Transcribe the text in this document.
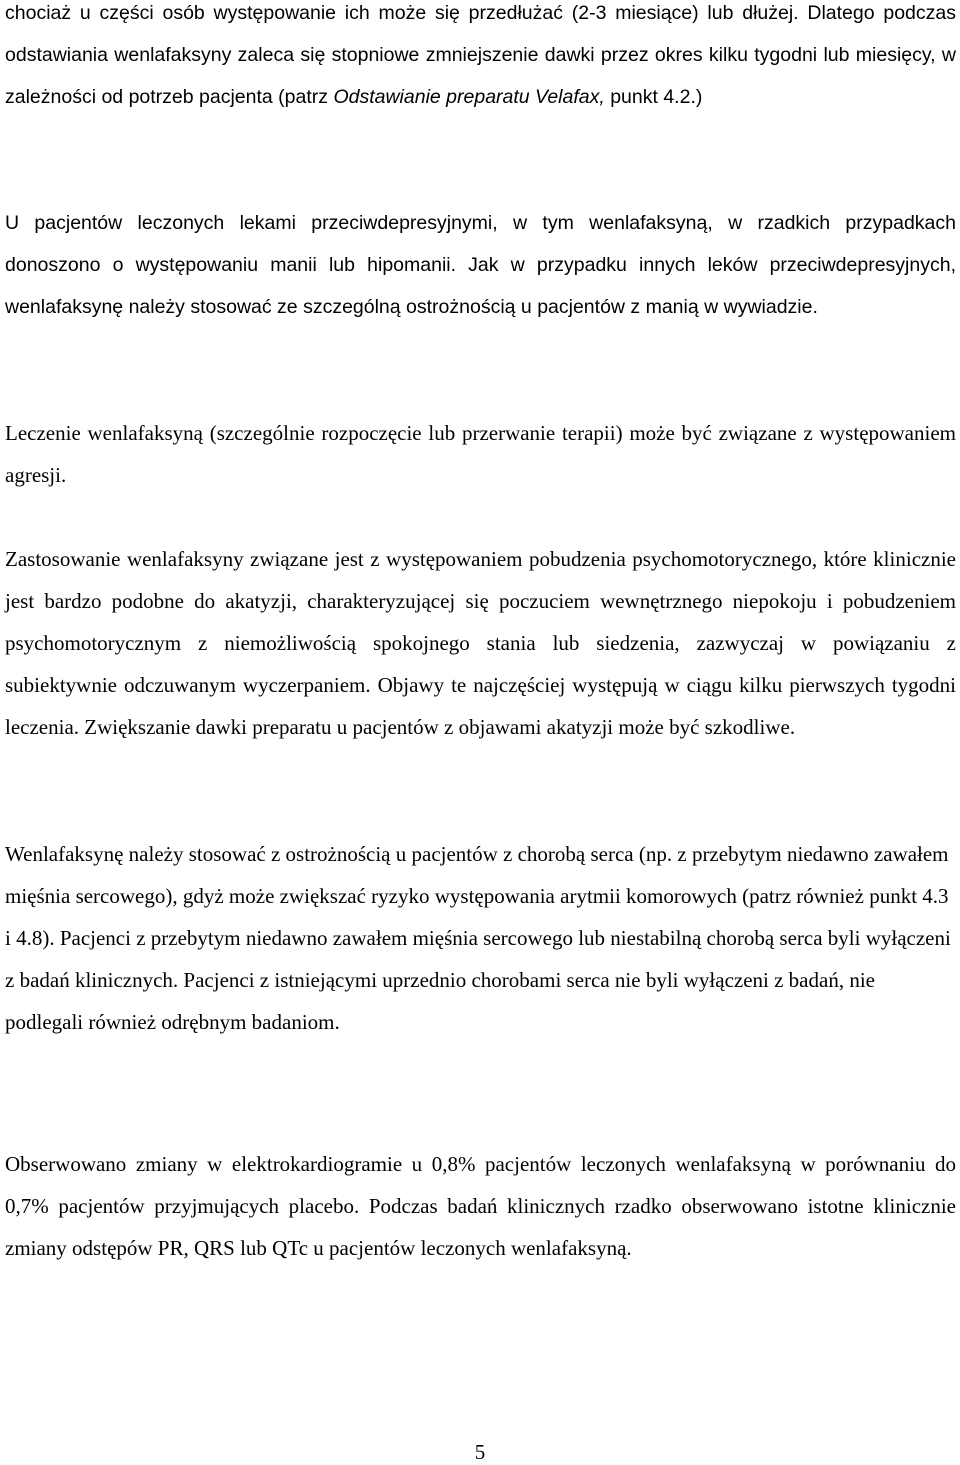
chociaż u części osób występowanie ich może się przedłużać (2-3 miesiące) lub dłużej. Dlatego podczas odstawiania wenlafaksyny zaleca się stopniowe zmniejszenie dawki przez okres kilku tygodni lub miesięcy, w zależności od potrzeb pacjenta (patrz Odstawianie preparatu Velafax, punkt 4.2.)

U pacjentów leczonych lekami przeciwdepresyjnymi, w tym wenlafaksyną, w rzadkich przypadkach donoszono o występowaniu manii lub hipomanii. Jak w przypadku innych leków przeciwdepresyjnych, wenlafaksynę należy stosować ze szczególną ostrożnością u pacjentów z manią w wywiadzie.

Leczenie wenlafaksyną (szczególnie rozpoczęcie lub przerwanie terapii) może być związane z występowaniem agresji.

Zastosowanie wenlafaksyny związane jest z występowaniem pobudzenia psychomotorycznego, które klinicznie jest bardzo podobne do akatyzji, charakteryzującej się poczuciem wewnętrznego niepokoju i pobudzeniem psychomotorycznym z niemożliwością spokojnego stania lub siedzenia, zazwyczaj w powiązaniu z subiektywnie odczuwanym wyczerpaniem. Objawy te najczęściej występują w ciągu kilku pierwszych tygodni leczenia. Zwiększanie dawki preparatu u pacjentów z objawami akatyzji może być szkodliwe.

Wenlafaksynę należy stosować z ostrożnością u pacjentów z chorobą serca (np. z przebytym niedawno zawałem mięśnia sercowego), gdyż może zwiększać ryzyko występowania arytmii komorowych (patrz również punkt 4.3 i 4.8). Pacjenci z przebytym niedawno zawałem mięśnia sercowego lub niestabilną chorobą serca byli wyłączeni z badań klinicznych. Pacjenci z istniejącymi uprzednio chorobami serca nie byli wyłączeni z badań, nie podlegali również odrębnym badaniom.

Obserwowano zmiany w elektrokardiogramie u 0,8% pacjentów leczonych wenlafaksyną w porównaniu do 0,7% pacjentów przyjmujących placebo. Podczas badań klinicznych rzadko obserwowano istotne klinicznie zmiany odstępów PR, QRS lub QTc u pacjentów leczonych wenlafaksyną.

5
